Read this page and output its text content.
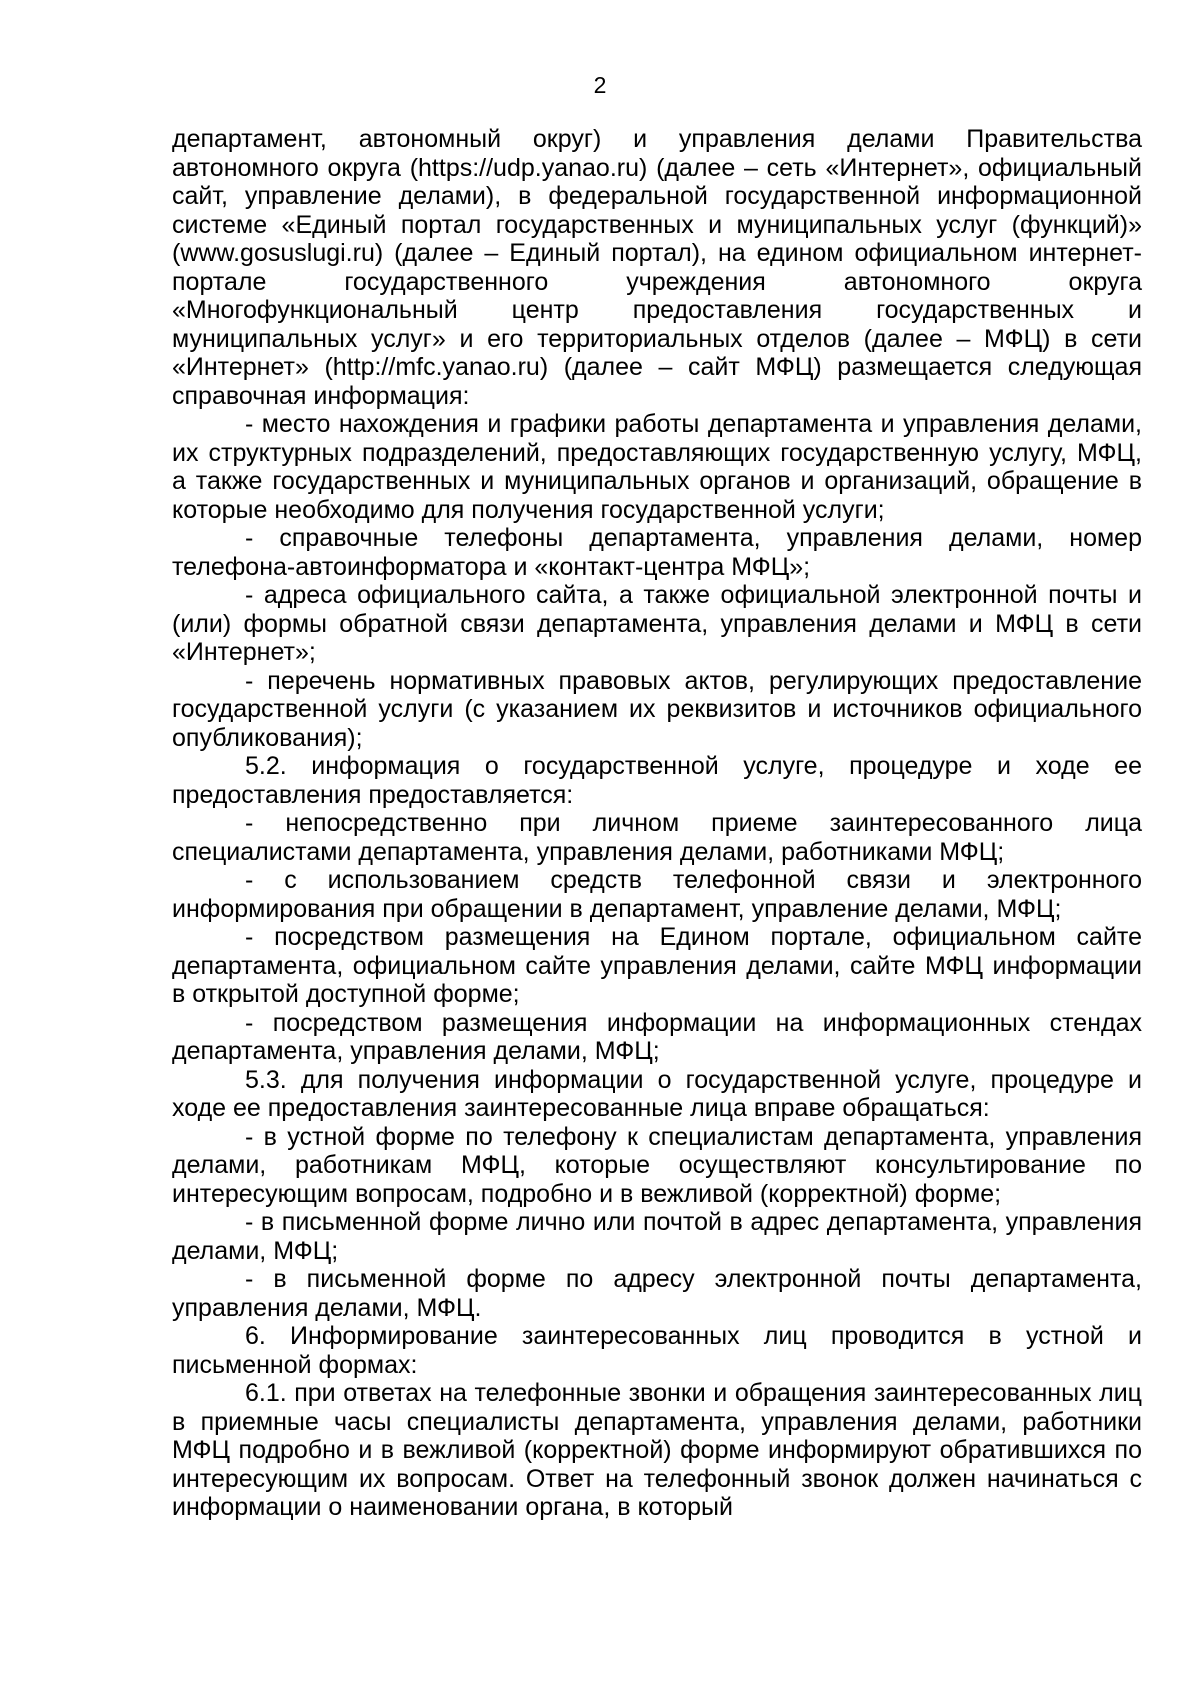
2

департамент, автономный округ) и управления делами Правительства автономного округа (https://udp.yanao.ru) (далее – сеть «Интернет», официальный сайт, управление делами), в федеральной государственной информационной системе «Единый портал государственных и муниципальных услуг (функций)» (www.gosuslugi.ru) (далее – Единый портал), на едином официальном интернет-портале государственного учреждения автономного округа «Многофункциональный центр предоставления государственных и муниципальных услуг» и его территориальных отделов (далее – МФЦ) в сети «Интернет» (http://mfc.yanao.ru) (далее – сайт МФЦ) размещается следующая справочная информация:

- место нахождения и графики работы департамента и управления делами, их структурных подразделений, предоставляющих государственную услугу, МФЦ, а также государственных и муниципальных органов и организаций, обращение в которые необходимо для получения государственной услуги;

- справочные телефоны департамента, управления делами, номер телефона-автоинформатора и «контакт-центра МФЦ»;

- адреса официального сайта, а также официальной электронной почты и (или) формы обратной связи департамента, управления делами и МФЦ в сети «Интернет»;

- перечень нормативных правовых актов, регулирующих предоставление государственной услуги (с указанием их реквизитов и источников официального опубликования);

5.2. информация о государственной услуге, процедуре и ходе ее предоставления предоставляется:

- непосредственно при личном приеме заинтересованного лица специалистами департамента, управления делами, работниками МФЦ;

- с использованием средств телефонной связи и электронного информирования при обращении в департамент, управление делами, МФЦ;

- посредством размещения на Едином портале, официальном сайте департамента, официальном сайте управления делами, сайте МФЦ информации в открытой доступной форме;

- посредством размещения информации на информационных стендах департамента, управления делами, МФЦ;

5.3. для получения информации о государственной услуге, процедуре и ходе ее предоставления заинтересованные лица вправе обращаться:

- в устной форме по телефону к специалистам департамента, управления делами, работникам МФЦ, которые осуществляют консультирование по интересующим вопросам, подробно и в вежливой (корректной) форме;

- в письменной форме лично или почтой в адрес департамента, управления делами, МФЦ;

- в письменной форме по адресу электронной почты департамента, управления делами, МФЦ.

6. Информирование заинтересованных лиц проводится в устной и письменной формах:

6.1. при ответах на телефонные звонки и обращения заинтересованных лиц в приемные часы специалисты департамента, управления делами, работники МФЦ подробно и в вежливой (корректной) форме информируют обратившихся по интересующим их вопросам. Ответ на телефонный звонок должен начинаться с информации о наименовании органа, в который
